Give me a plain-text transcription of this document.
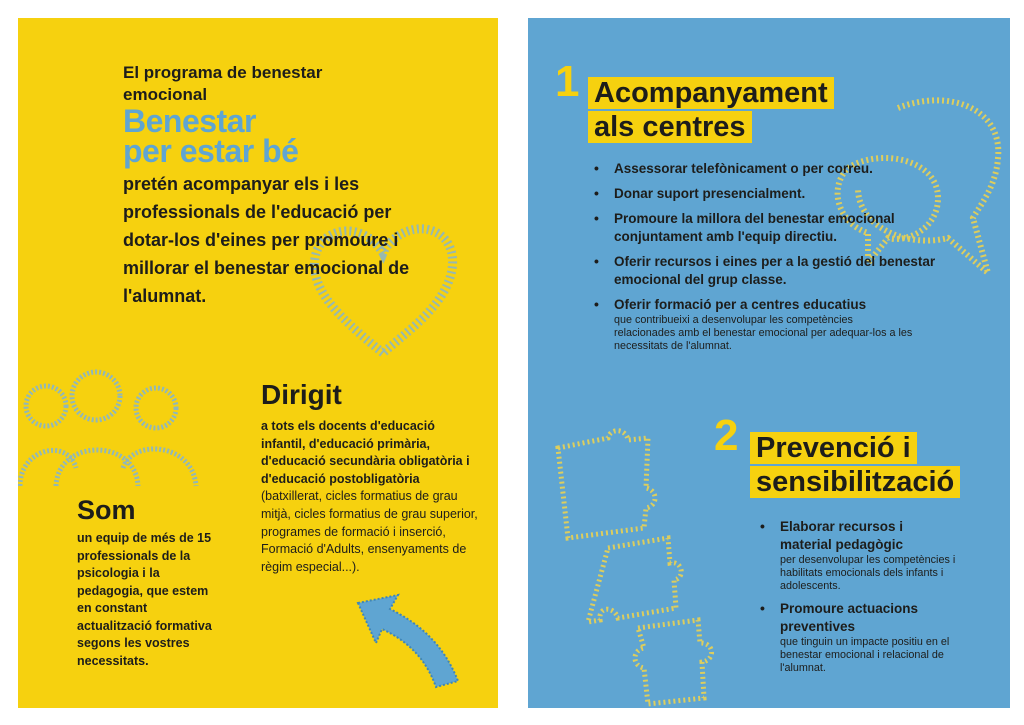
El programa de benestar emocional
Benestar
per estar bé
pretén acompanyar els i les professionals de l'educació per dotar-los d'eines per promoure i millorar el benestar emocional de l'alumnat.
Dirigit
a tots els docents d'educació infantil, d'educació primària, d'educació secundària obligatòria i d'educació postobligatòria (batxillerat, cicles formatius de grau mitjà, cicles formatius de grau superior, programes de formació i inserció, Formació d'Adults, ensenyaments de règim especial...).
Som
un equip de més de 15 professionals de la psicologia i la pedagogia, que estem en constant actualització formativa segons les vostres necessitats.
1 Acompanyament
als centres
• Assessorar telefònicament o per correu.
• Donar suport presencialment.
• Promoure la millora del benestar emocional conjuntament amb l'equip directiu.
• Oferir recursos i eines per a la gestió del benestar emocional del grup classe.
• Oferir formació per a centres educatius
que contribueixi a desenvolupar les competències relacionades amb el benestar emocional per adequar-los a les necessitats de l'alumnat.
2 Prevenció i
sensibilització
• Elaborar recursos i material pedagògic
per desenvolupar les competències i habilitats emocionals dels infants i adolescents.
• Promoure actuacions preventives
que tinguin un impacte positiu en el benestar emocional i relacional de l'alumnat.
